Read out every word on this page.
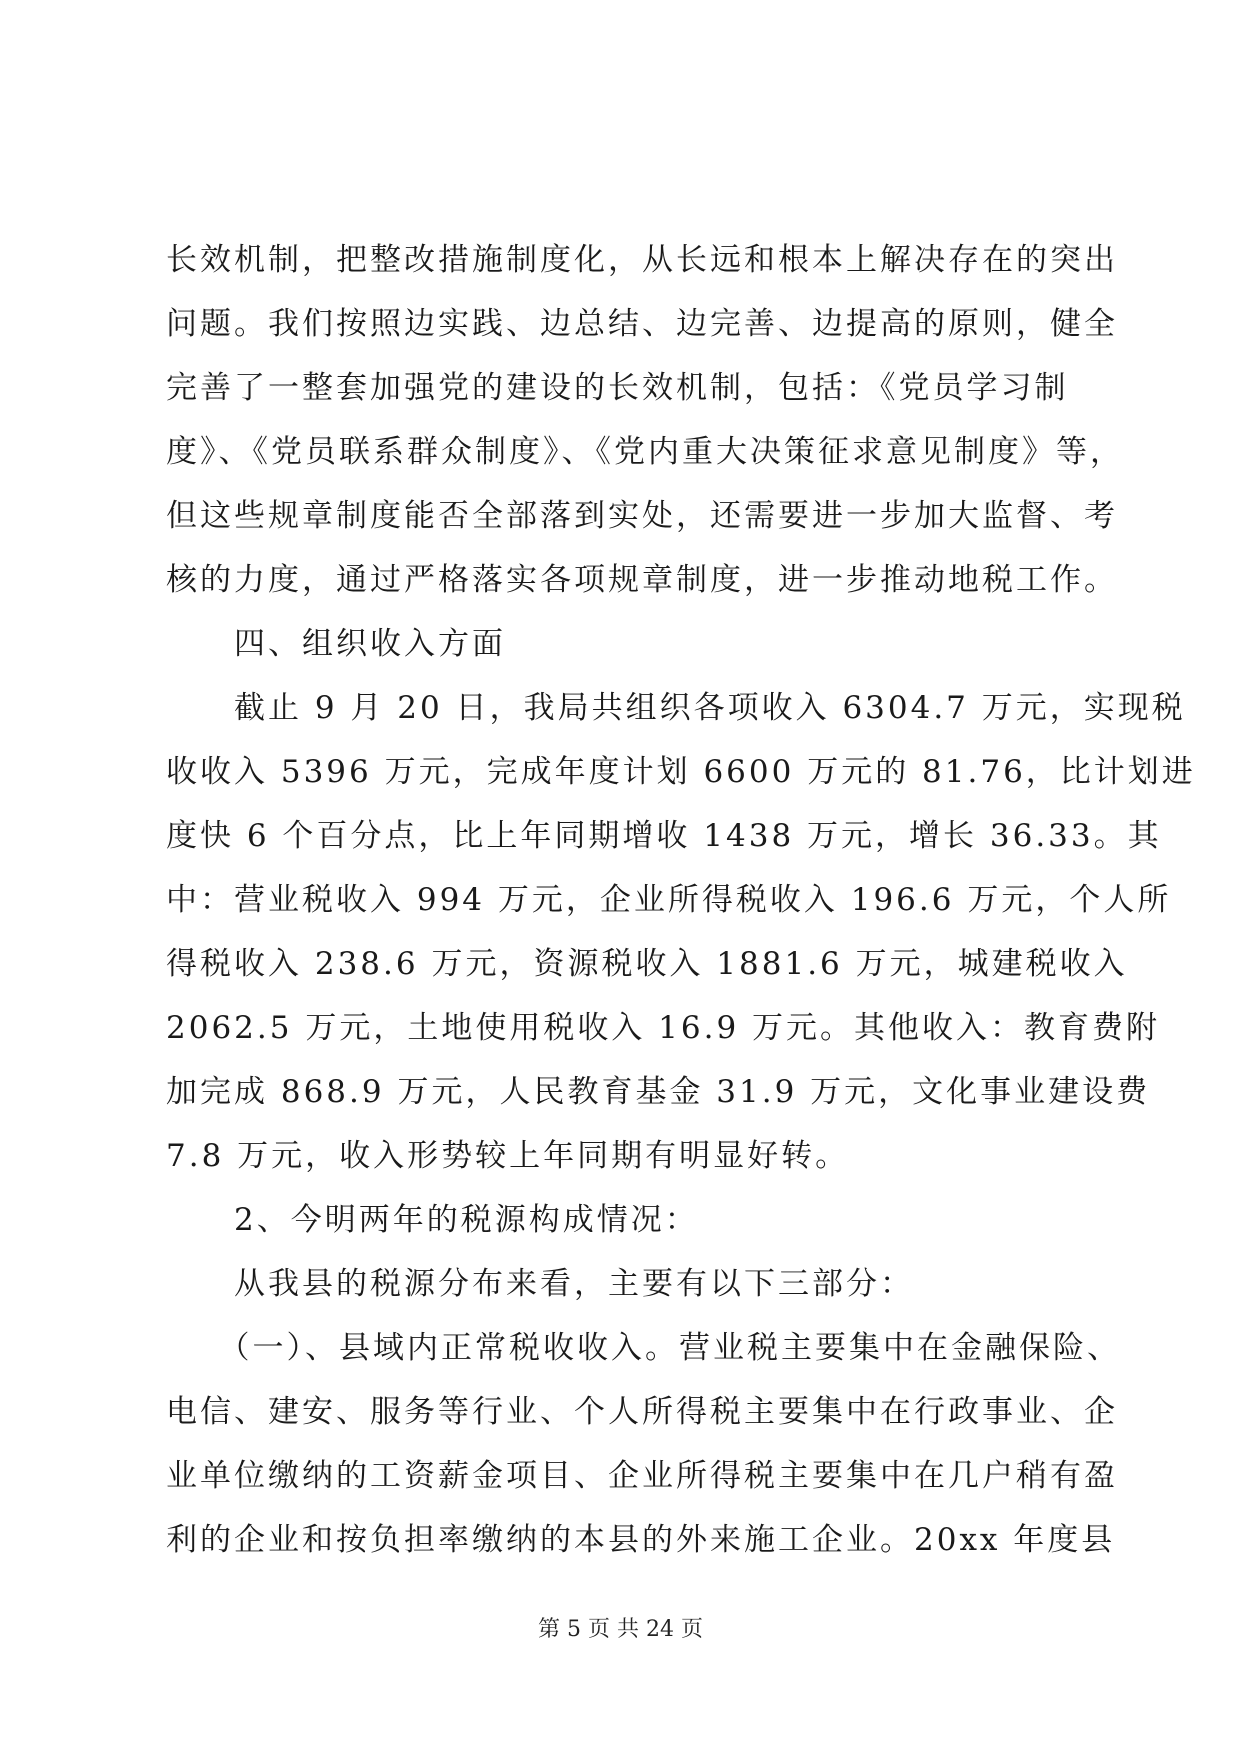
长效机制，把整改措施制度化，从长远和根本上解决存在的突出
问题。我们按照边实践、边总结、边完善、边提高的原则，健全
完善了一整套加强党的建设的长效机制，包括：《党员学习制
度》、《党员联系群众制度》、《党内重大决策征求意见制度》等，
但这些规章制度能否全部落到实处，还需要进一步加大监督、考
核的力度，通过严格落实各项规章制度，进一步推动地税工作。
　　四、组织收入方面
　　截止 9 月 20 日，我局共组织各项收入 6304.7 万元，实现税
收收入 5396 万元，完成年度计划 6600 万元的 81.76，比计划进
度快 6 个百分点，比上年同期增收 1438 万元，增长 36.33。其
中：营业税收入 994 万元，企业所得税收入 196.6 万元，个人所
得税收入 238.6 万元，资源税收入 1881.6 万元，城建税收入
2062.5 万元，土地使用税收入 16.9 万元。其他收入：教育费附
加完成 868.9 万元，人民教育基金 31.9 万元，文化事业建设费
7.8 万元，收入形势较上年同期有明显好转。
　　2、今明两年的税源构成情况：
　　从我县的税源分布来看，主要有以下三部分：
　　（一）、县域内正常税收收入。营业税主要集中在金融保险、
电信、建安、服务等行业、个人所得税主要集中在行政事业、企
业单位缴纳的工资薪金项目、企业所得税主要集中在几户稍有盈
利的企业和按负担率缴纳的本县的外来施工企业。20xx 年度县
第 5 页 共 24 页
